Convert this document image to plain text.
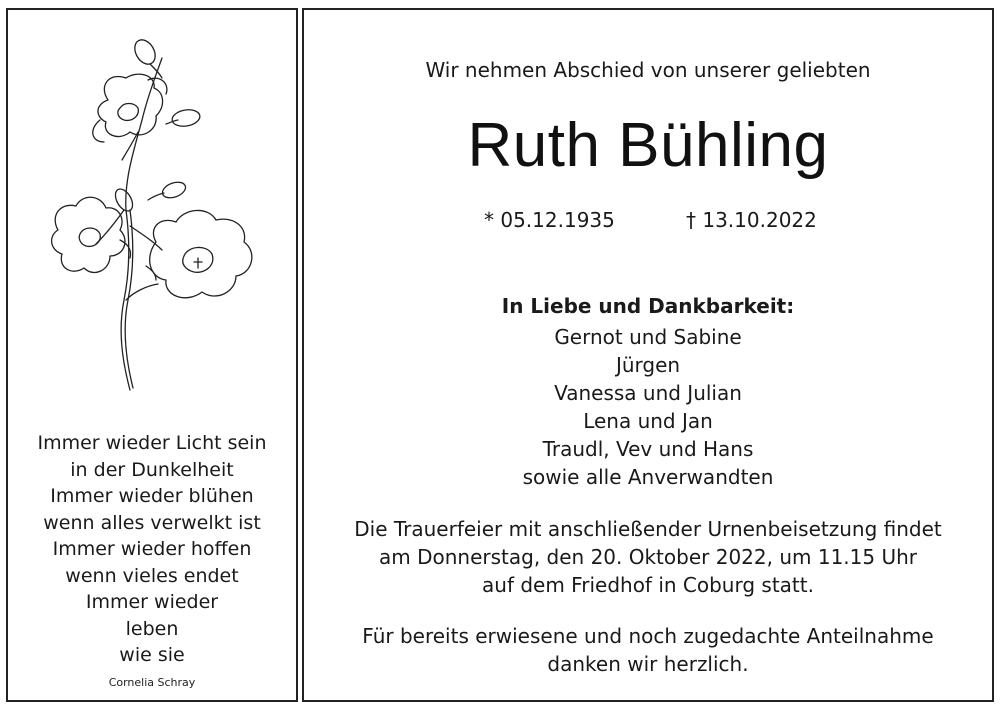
Immer wieder Licht sein
in der Dunkelheit
Immer wieder blühen
wenn alles verwelkt ist
Immer wieder hoffen
wenn vieles endet
Immer wieder
leben
wie sie
Cornelia Schray
Wir nehmen Abschied von unserer geliebten
Ruth Bühling
* 05.12.1935	† 13.10.2022
In Liebe und Dankbarkeit:
Gernot und Sabine
Jürgen
Vanessa und Julian
Lena und Jan
Traudl, Vev und Hans
sowie alle Anverwandten
Die Trauerfeier mit anschließender Urnenbeisetzung findet
am Donnerstag, den 20. Oktober 2022, um 11.15 Uhr
auf dem Friedhof in Coburg statt.
Für bereits erwiesene und noch zugedachte Anteilnahme
danken wir herzlich.
